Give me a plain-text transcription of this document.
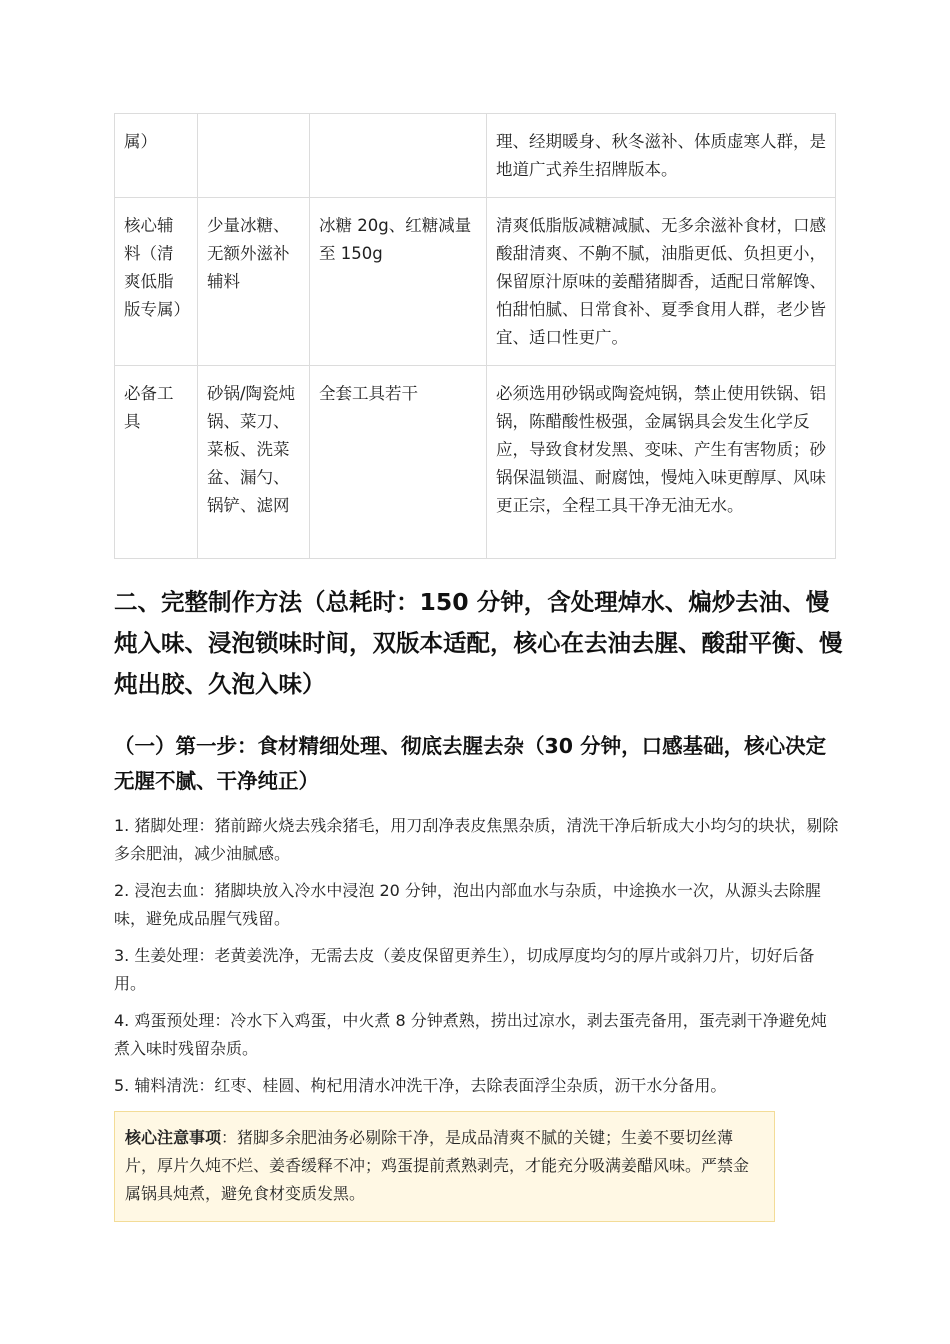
属）			理、经期暖身、秋冬滋补、体质虚寒人群，是地道广式养生招牌版本。
核心辅料（清爽低脂版专属）	少量冰糖、无额外滋补辅料	冰糖 20g、红糖减量至 150g	清爽低脂版减糖减腻、无多余滋补食材，口感酸甜清爽、不齁不腻，油脂更低、负担更小，保留原汁原味的姜醋猪脚香，适配日常解馋、怕甜怕腻、日常食补、夏季食用人群，老少皆宜、适口性更广。
必备工具	砂锅/陶瓷炖锅、菜刀、菜板、洗菜盆、漏勺、锅铲、滤网	全套工具若干	必须选用砂锅或陶瓷炖锅，禁止使用铁锅、铝锅，陈醋酸性极强，金属锅具会发生化学反应，导致食材发黑、变味、产生有害物质；砂锅保温锁温、耐腐蚀，慢炖入味更醇厚、风味更正宗，全程工具干净无油无水。
二、完整制作方法（总耗时：150 分钟，含处理焯水、煸炒去油、慢炖入味、浸泡锁味时间，双版本适配，核心在去油去腥、酸甜平衡、慢炖出胶、久泡入味）
（一）第一步：食材精细处理、彻底去腥去杂（30 分钟，口感基础，核心决定无腥不腻、干净纯正）

1. 猪脚处理：猪前蹄火烧去残余猪毛，用刀刮净表皮焦黑杂质，清洗干净后斩成大小均匀的块状，剔除多余肥油，减少油腻感。

2. 浸泡去血：猪脚块放入冷水中浸泡 20 分钟，泡出内部血水与杂质，中途换水一次，从源头去除腥味，避免成品腥气残留。

3. 生姜处理：老黄姜洗净，无需去皮（姜皮保留更养生），切成厚度均匀的厚片或斜刀片，切好后备用。

4. 鸡蛋预处理：冷水下入鸡蛋，中火煮 8 分钟煮熟，捞出过凉水，剥去蛋壳备用，蛋壳剥干净避免炖煮入味时残留杂质。

5. 辅料清洗：红枣、桂圆、枸杞用清水冲洗干净，去除表面浮尘杂质，沥干水分备用。

核心注意事项：猪脚多余肥油务必剔除干净，是成品清爽不腻的关键；生姜不要切丝薄片，厚片久炖不烂、姜香缓释不冲；鸡蛋提前煮熟剥壳，才能充分吸满姜醋风味。严禁金属锅具炖煮，避免食材变质发黑。
